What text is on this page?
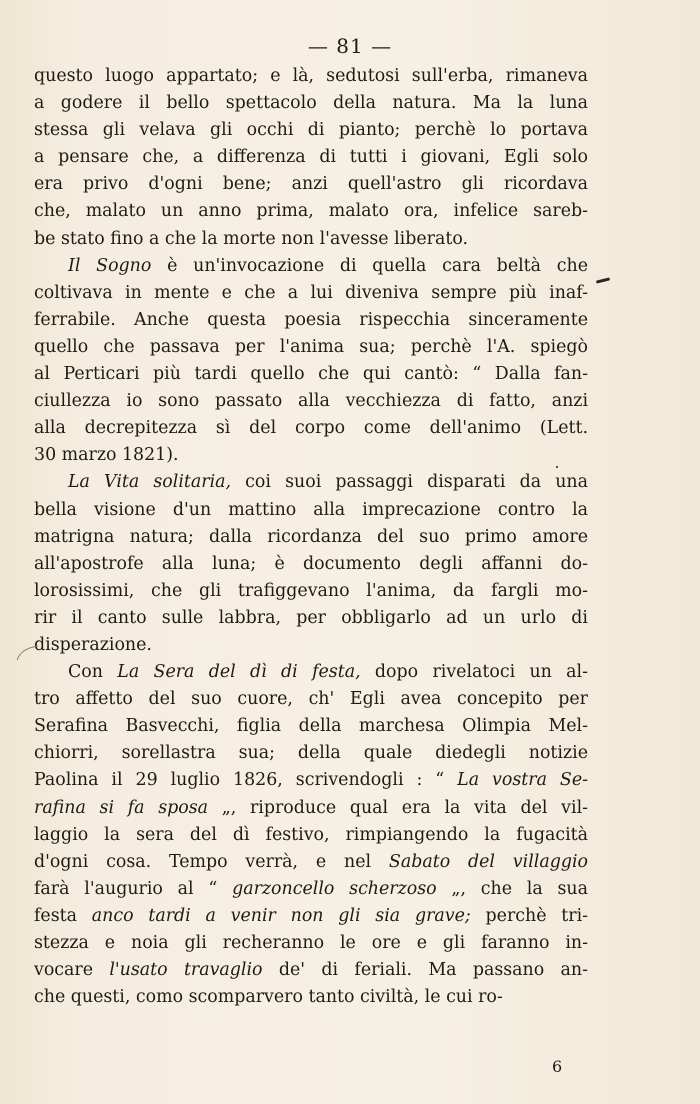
— 81 —
questo luogo appartato; e là, sedutosi sull'erba, rimaneva
a godere il bello spettacolo della natura. Ma la luna
stessa gli velava gli occhi di pianto; perchè lo portava
a pensare che, a differenza di tutti i giovani, Egli solo
era privo d'ogni bene; anzi quell'astro gli ricordava
che, malato un anno prima, malato ora, infelice sareb-
be stato fino a che la morte non l'avesse liberato.
Il Sogno è un'invocazione di quella cara beltà che
coltivava in mente e che a lui diveniva sempre più inaf-
ferrabile. Anche questa poesia rispecchia sinceramente
quello che passava per l'anima sua; perchè l'A. spiegò
al Perticari più tardi quello che qui cantò: “ Dalla fan-
ciullezza io sono passato alla vecchiezza di fatto, anzi
alla decrepitezza sì del corpo come dell'animo (Lett.
30 marzo 1821).
La Vita solitaria, coi suoi passaggi disparati da una
bella visione d'un mattino alla imprecazione contro la
matrigna natura; dalla ricordanza del suo primo amore
all'apostrofe alla luna; è documento degli affanni do-
lorosissimi, che gli trafiggevano l'anima, da fargli mo-
rir il canto sulle labbra, per obbligarlo ad un urlo di
disperazione.
Con La Sera del dì di festa, dopo rivelatoci un al-
tro affetto del suo cuore, ch' Egli avea concepito per
Serafina Basvecchi, figlia della marchesa Olimpia Mel-
chiorri, sorellastra sua; della quale diedegli notizie
Paolina il 29 luglio 1826, scrivendogli : “ La vostra Se-
rafina si fa sposa „, riproduce qual era la vita del vil-
laggio la sera del dì festivo, rimpiangendo la fugacità
d'ogni cosa. Tempo verrà, e nel Sabato del villaggio
farà l'augurio al “ garzoncello scherzoso „, che la sua
festa anco tardi a venir non gli sia grave; perchè tri-
stezza e noia gli recheranno le ore e gli faranno in-
vocare l'usato travaglio de' di feriali. Ma passano an-
che questi, como scomparvero tanto civiltà, le cui ro-
6
